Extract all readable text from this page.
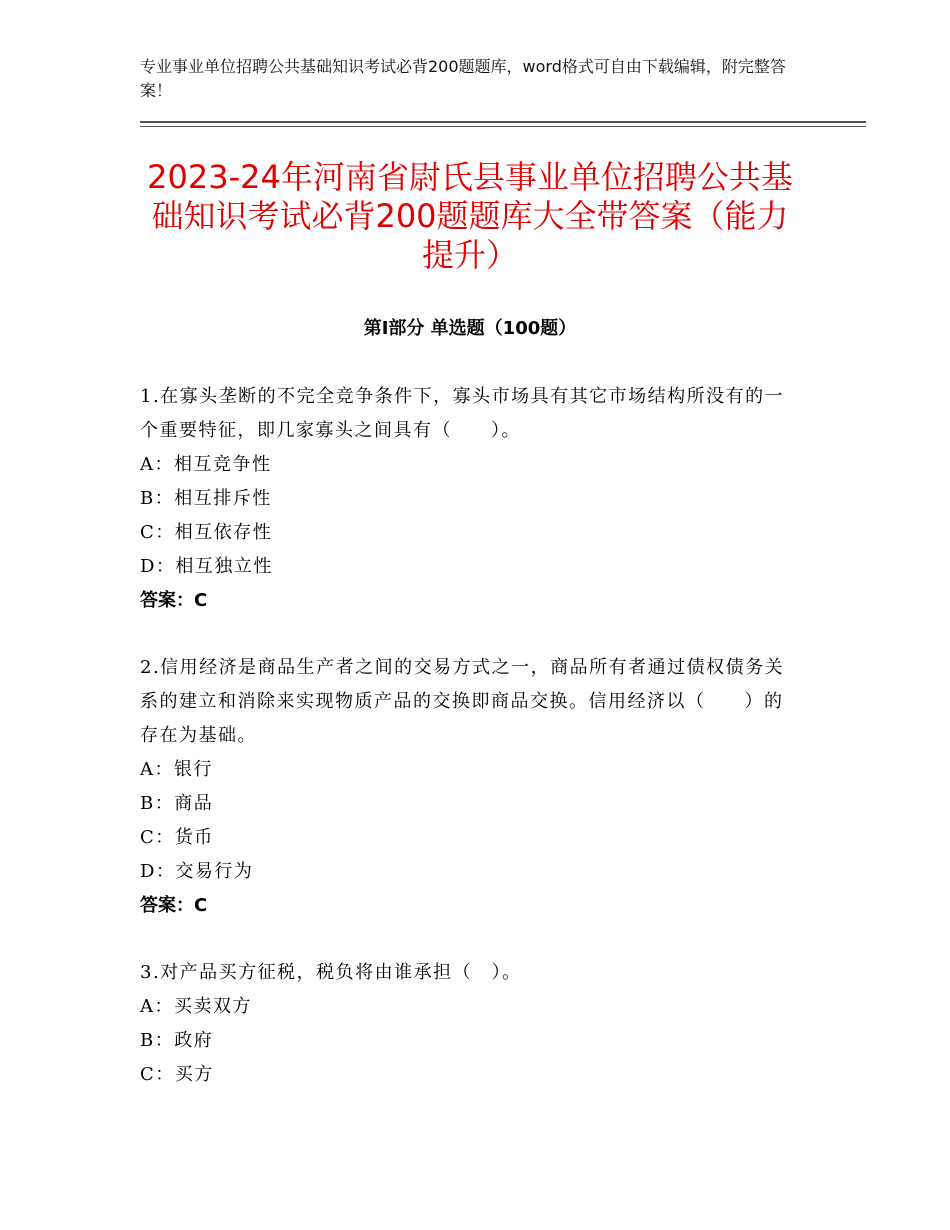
专业事业单位招聘公共基础知识考试必背200题题库，word格式可自由下载编辑，附完整答案！
2023-24年河南省尉氏县事业单位招聘公共基础知识考试必背200题题库大全带答案（能力提升）
第I部分 单选题（100题）

1.在寡头垄断的不完全竞争条件下，寡头市场具有其它市场结构所没有的一个重要特征，即几家寡头之间具有（　　）。

A：相互竞争性

B：相互排斥性

C：相互依存性

D：相互独立性

答案：C

2.信用经济是商品生产者之间的交易方式之一，商品所有者通过债权债务关系的建立和消除来实现物质产品的交换即商品交换。信用经济以（　　）的存在为基础。

A：银行

B：商品

C：货币

D：交易行为

答案：C

3.对产品买方征税，税负将由谁承担（　）。

A：买卖双方

B：政府

C：买方
